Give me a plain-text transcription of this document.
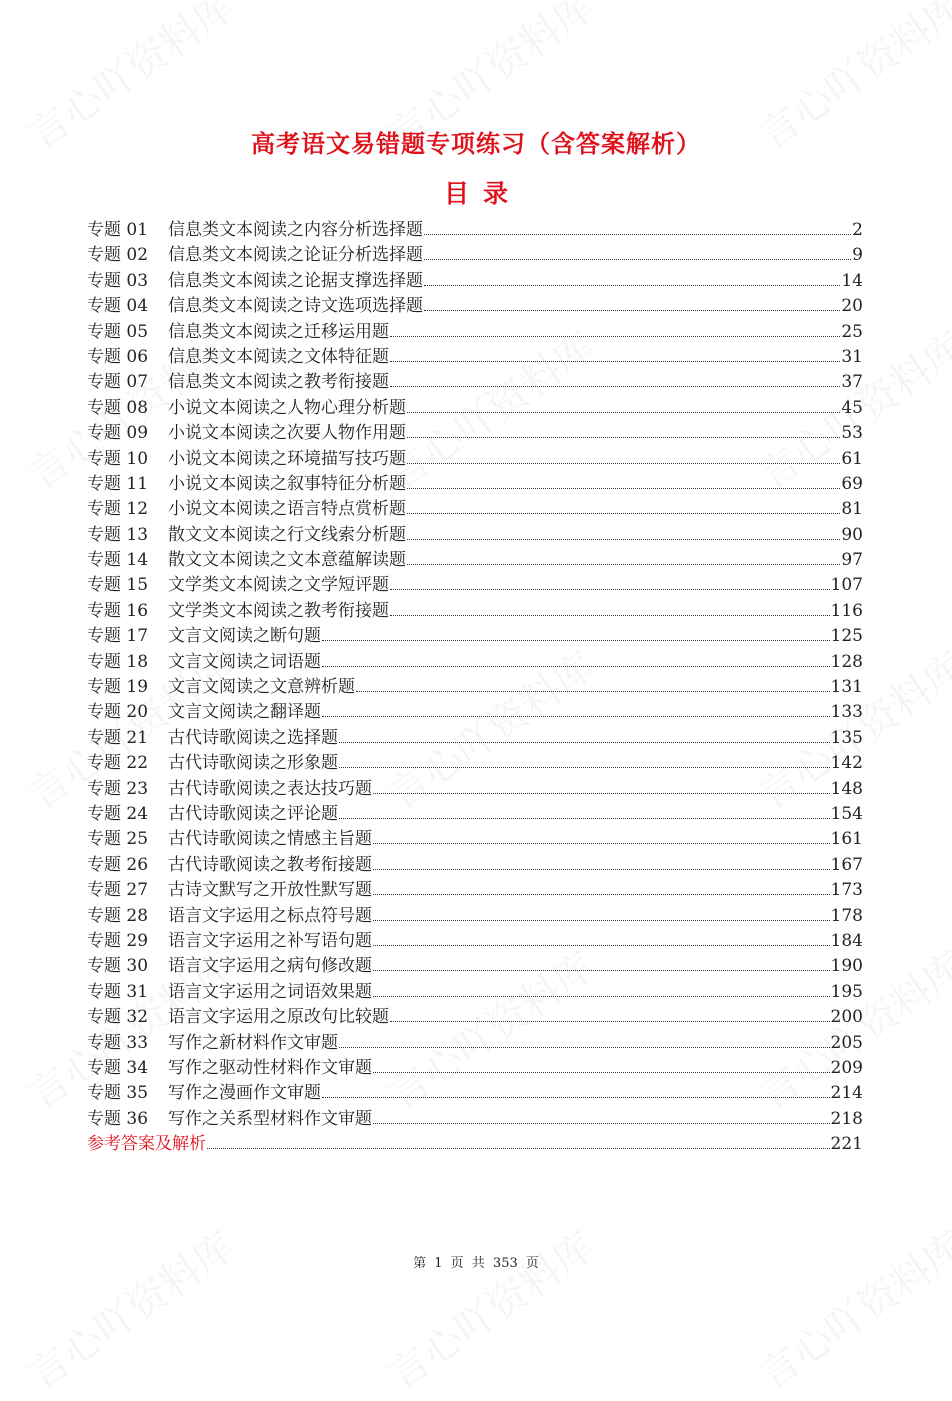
高考语文易错题专项练习（含答案解析）
目录
专题 01	信息类文本阅读之内容分析选择题	2
专题 02	信息类文本阅读之论证分析选择题	9
专题 03	信息类文本阅读之论据支撑选择题	14
专题 04	信息类文本阅读之诗文选项选择题	20
专题 05	信息类文本阅读之迁移运用题	25
专题 06	信息类文本阅读之文体特征题	31
专题 07	信息类文本阅读之教考衔接题	37
专题 08	小说文本阅读之人物心理分析题	45
专题 09	小说文本阅读之次要人物作用题	53
专题 10	小说文本阅读之环境描写技巧题	61
专题 11	小说文本阅读之叙事特征分析题	69
专题 12	小说文本阅读之语言特点赏析题	81
专题 13	散文文本阅读之行文线索分析题	90
专题 14	散文文本阅读之文本意蕴解读题	97
专题 15	文学类文本阅读之文学短评题	107
专题 16	文学类文本阅读之教考衔接题	116
专题 17	文言文阅读之断句题	125
专题 18	文言文阅读之词语题	128
专题 19	文言文阅读之文意辨析题	131
专题 20	文言文阅读之翻译题	133
专题 21	古代诗歌阅读之选择题	135
专题 22	古代诗歌阅读之形象题	142
专题 23	古代诗歌阅读之表达技巧题	148
专题 24	古代诗歌阅读之评论题	154
专题 25	古代诗歌阅读之情感主旨题	161
专题 26	古代诗歌阅读之教考衔接题	167
专题 27	古诗文默写之开放性默写题	173
专题 28	语言文字运用之标点符号题	178
专题 29	语言文字运用之补写语句题	184
专题 30	语言文字运用之病句修改题	190
专题 31	语言文字运用之词语效果题	195
专题 32	语言文字运用之原改句比较题	200
专题 33	写作之新材料作文审题	205
专题 34	写作之驱动性材料作文审题	209
专题 35	写作之漫画作文审题	214
专题 36	写作之关系型材料作文审题	218
参考答案及解析	221
第 1 页 共 353 页
